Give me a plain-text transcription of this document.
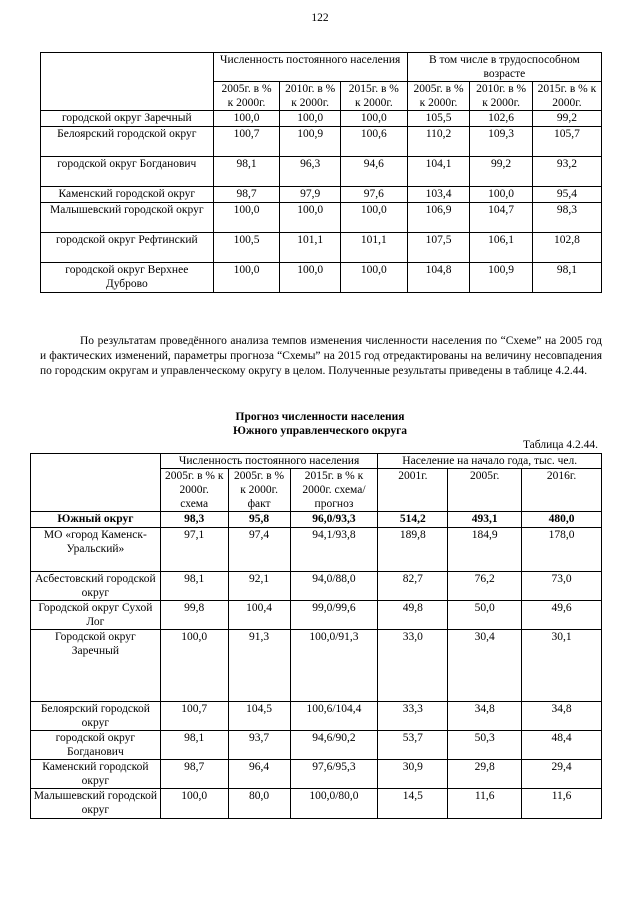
122
	Численность постоянного населения			В том числе в трудоспособном возрасте		
	2005г. в % к 2000г.	2010г. в % к 2000г.	2015г. в % к 2000г.	2005г. в % к 2000г.	2010г. в % к 2000г.	2015г. в % к 2000г.
городской округ Заречный	100,0	100,0	100,0	105,5	102,6	99,2
Белоярский городской округ	100,7	100,9	100,6	110,2	109,3	105,7
городской округ Богданович	98,1	96,3	94,6	104,1	99,2	93,2
Каменский городской округ	98,7	97,9	97,6	103,4	100,0	95,4
Малышевский городской округ	100,0	100,0	100,0	106,9	104,7	98,3
городской округ Рефтинский	100,5	101,1	101,1	107,5	106,1	102,8
городской округ Верхнее Дуброво	100,0	100,0	100,0	104,8	100,9	98,1
По результатам проведённого анализа темпов изменения численности населения по “Схеме” на 2005 год и фактических изменений, параметры прогноза “Схемы” на 2015 год отредактированы на величину несовпадения по городским округам и управленческому округу в целом. Полученные результаты приведены в таблице 4.2.44.
Прогноз численности населения
Южного управленческого округа
Таблица 4.2.44.
	Численность постоянного населения			Население на начало года, тыс. чел.		
	2005г. в % к 2000г. схема	2005г. в % к 2000г. факт	2015г. в % к 2000г. схема/ прогноз	2001г.	2005г.	2016г.
Южный округ	98,3	95,8	96,0/93,3	514,2	493,1	480,0
МО «город Каменск-Уральский»	97,1	97,4	94,1/93,8	189,8	184,9	178,0
Асбестовский городской округ	98,1	92,1	94,0/88,0	82,7	76,2	73,0
Городской округ Сухой Лог	99,8	100,4	99,0/99,6	49,8	50,0	49,6
Городской округ Заречный	100,0	91,3	100,0/91,3	33,0	30,4	30,1
Белоярский городской округ	100,7	104,5	100,6/104,4	33,3	34,8	34,8
городской округ Богданович	98,1	93,7	94,6/90,2	53,7	50,3	48,4
Каменский городской округ	98,7	96,4	97,6/95,3	30,9	29,8	29,4
Малышевский городской округ	100,0	80,0	100,0/80,0	14,5	11,6	11,6
